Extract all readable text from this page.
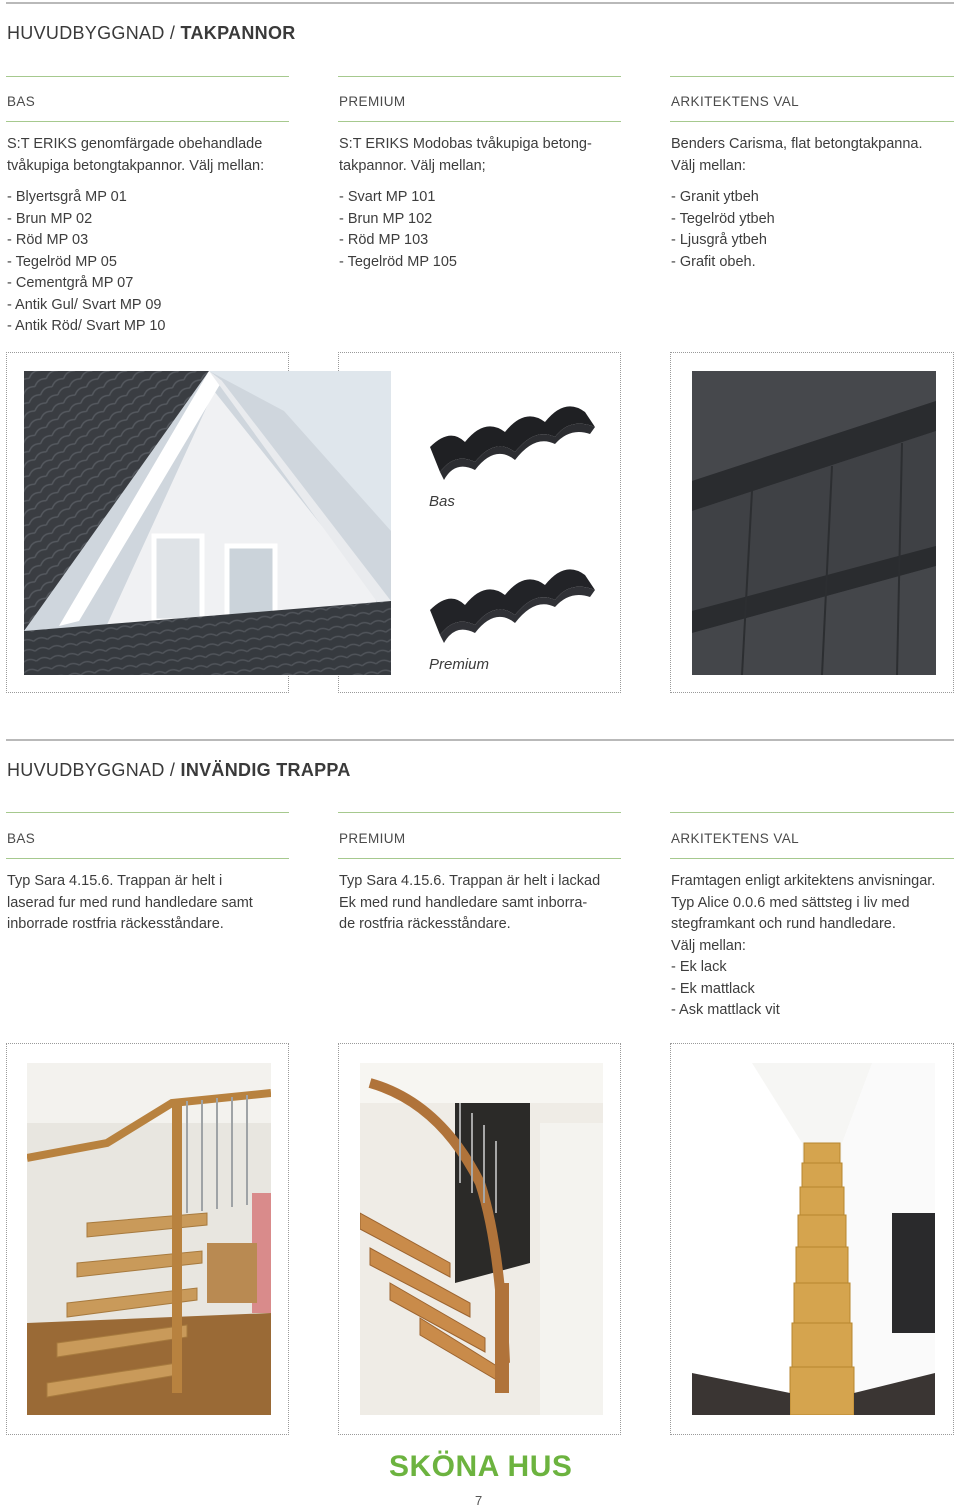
HUVUDBYGGNAD / TAKPANNOR
BAS
S:T ERIKS genomfärgade obehandlade
tvåkupiga betongtakpannor. Välj mellan:
- Blyertsgrå MP 01
- Brun MP 02
- Röd MP 03
- Tegelröd MP 05
- Cementgrå MP 07
- Antik Gul/ Svart MP 09
- Antik Röd/ Svart MP 10
PREMIUM
S:T ERIKS Modobas tvåkupiga betong-
takpannor. Välj mellan;
- Svart MP 101
- Brun MP 102
- Röd MP 103
- Tegelröd MP 105
ARKITEKTENS VAL
Benders Carisma, flat betongtakpanna.
Välj mellan:
- Granit ytbeh
- Tegelröd ytbeh
- Ljusgrå ytbeh
- Grafit obeh.
Bas
Premium
HUVUDBYGGNAD / INVÄNDIG TRAPPA
BAS	PREMIUM	ARKITEKTENS VAL
Typ Sara 4.15.6. Trappan är helt i
laserad fur med rund handledare samt
inborrade rostfria räckesståndare.
Typ Sara 4.15.6. Trappan är helt i lackad
Ek med rund handledare samt inborra-
de rostfria räckesståndare.
Framtagen enligt arkitektens anvisningar.
Typ Alice 0.0.6 med sättsteg i liv med
stegframkant och rund handledare.
Välj mellan:
- Ek lack
- Ek mattlack
- Ask mattlack vit
SKÖNA HUS
7
